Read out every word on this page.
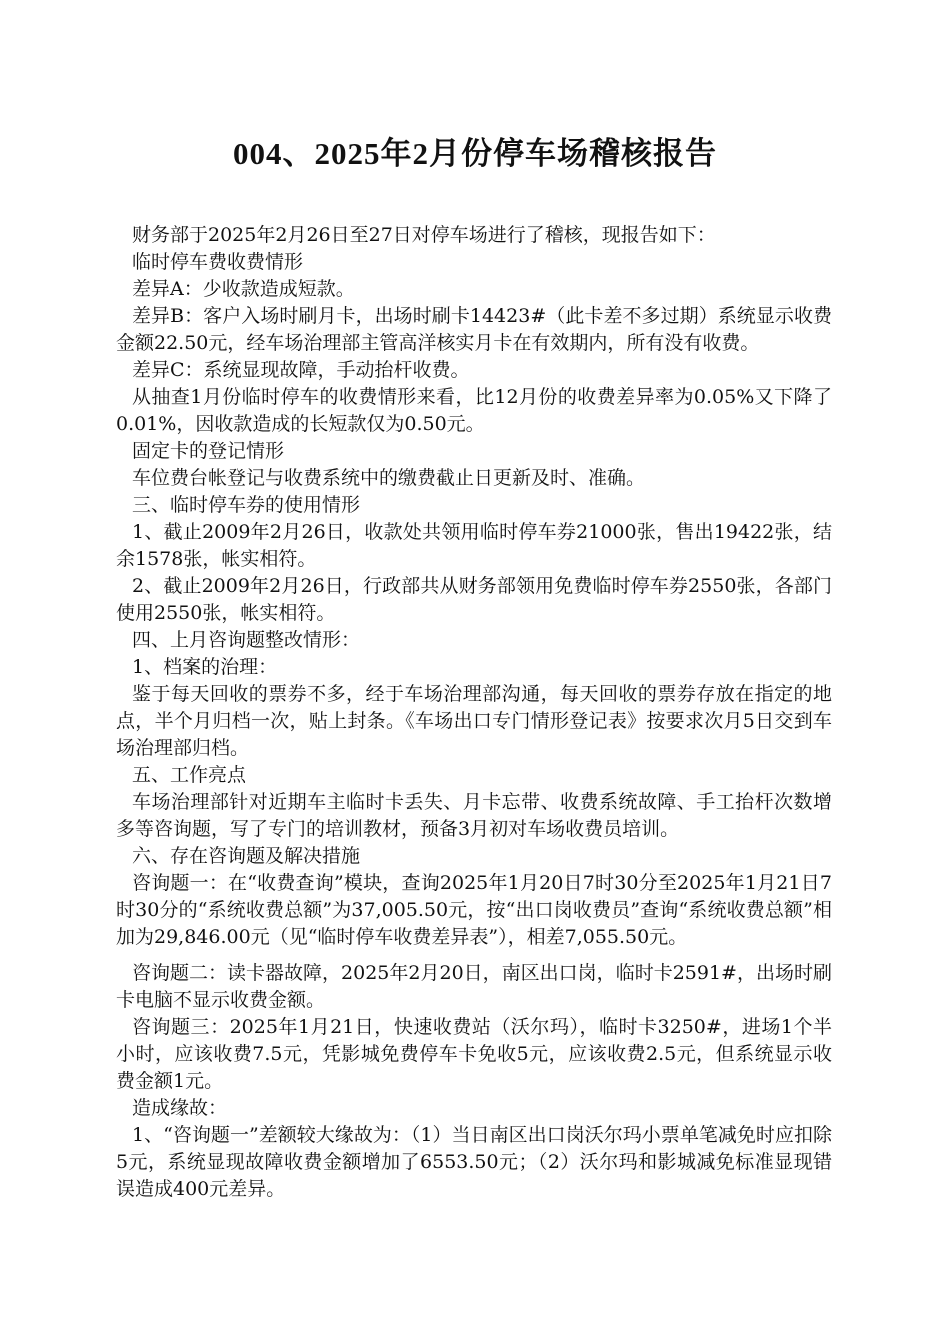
004、2025年2月份停车场稽核报告

财务部于2025年2月26日至27日对停车场进行了稽核，现报告如下：

临时停车费收费情形

差异A：少收款造成短款。

差异B：客户入场时刷月卡，出场时刷卡14423#（此卡差不多过期）系统显示收费金额22.50元，经车场治理部主管高洋核实月卡在有效期内，所有没有收费。

差异C：系统显现故障，手动抬杆收费。

从抽查1月份临时停车的收费情形来看，比12月份的收费差异率为0.05%又下降了0.01%，因收款造成的长短款仅为0.50元。

固定卡的登记情形

车位费台帐登记与收费系统中的缴费截止日更新及时、准确。

三、临时停车券的使用情形

1、截止2009年2月26日，收款处共领用临时停车券21000张，售出19422张，结余1578张，帐实相符。

2、截止2009年2月26日，行政部共从财务部领用免费临时停车券2550张，各部门使用2550张，帐实相符。

四、上月咨询题整改情形：

1、档案的治理：

鉴于每天回收的票券不多，经于车场治理部沟通，每天回收的票券存放在指定的地点，半个月归档一次，贴上封条。《车场出口专门情形登记表》按要求次月5日交到车场治理部归档。

五、工作亮点

车场治理部针对近期车主临时卡丢失、月卡忘带、收费系统故障、手工抬杆次数增多等咨询题，写了专门的培训教材，预备3月初对车场收费员培训。

六、存在咨询题及解决措施

咨询题一：在“收费查询”模块，查询2025年1月20日7时30分至2025年1月21日7时30分的“系统收费总额”为37,005.50元，按“出口岗收费员”查询“系统收费总额”相加为29,846.00元（见“临时停车收费差异表”），相差7,055.50元。

咨询题二：读卡器故障，2025年2月20日，南区出口岗，临时卡2591#，出场时刷卡电脑不显示收费金额。

咨询题三：2025年1月21日，快速收费站（沃尔玛），临时卡3250#，进场1个半小时，应该收费7.5元，凭影城免费停车卡免收5元，应该收费2.5元，但系统显示收费金额1元。

造成缘故：

1、“咨询题一”差额较大缘故为：（1）当日南区出口岗沃尔玛小票单笔减免时应扣除5元，系统显现故障收费金额增加了6553.50元；（2）沃尔玛和影城减免标准显现错误造成400元差异。
